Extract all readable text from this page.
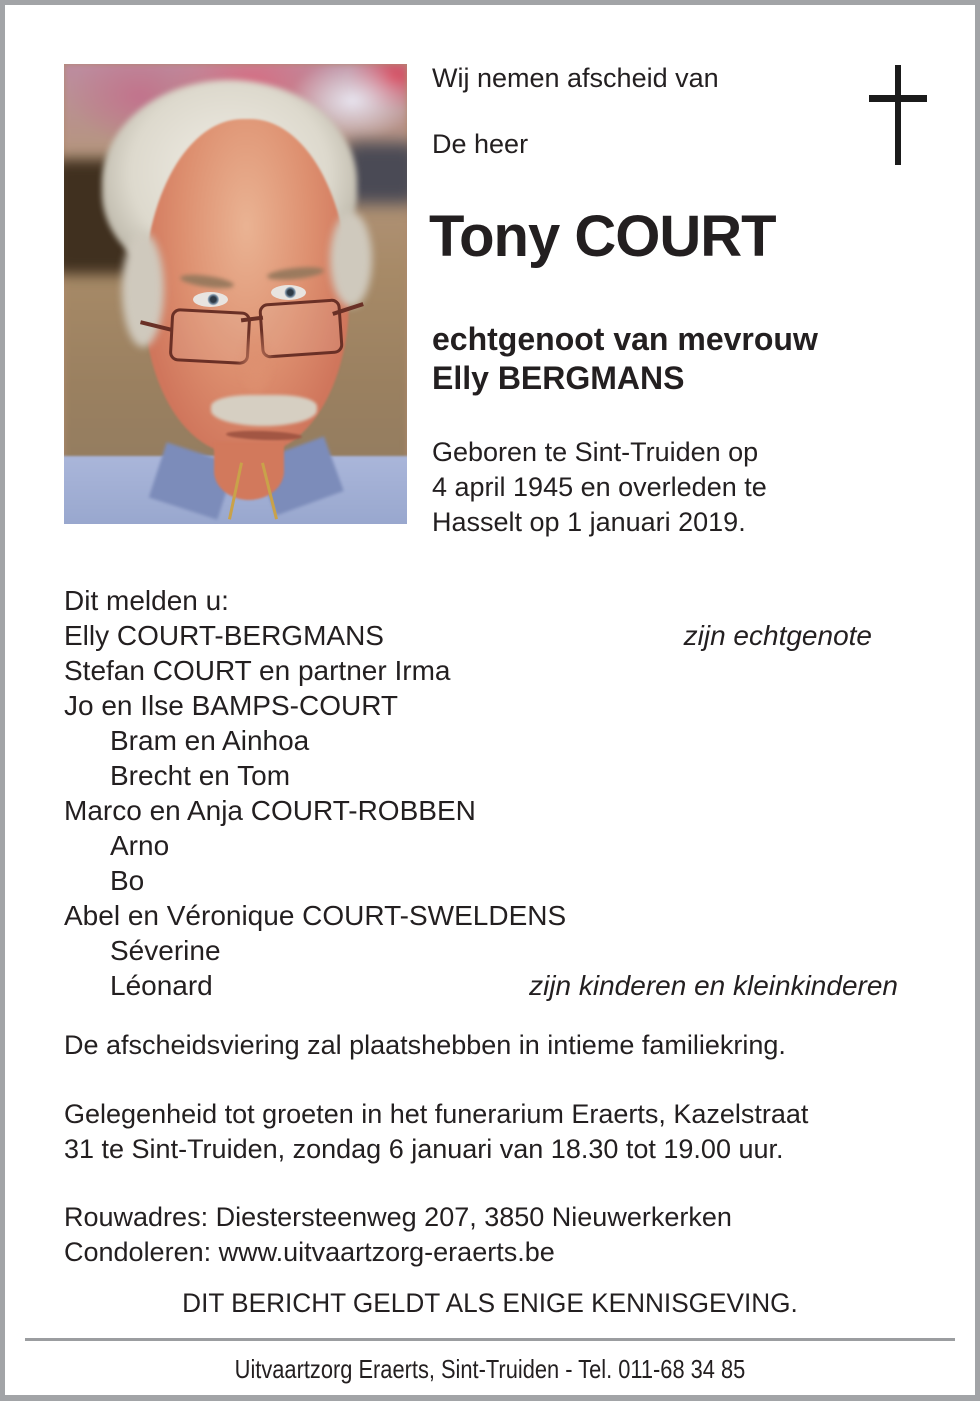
Wij nemen afscheid van
De heer
Tony COURT
echtgenoot van mevrouw
Elly BERGMANS
Geboren te Sint-Truiden op
4 april 1945 en overleden te
Hasselt op 1 januari 2019.
Dit melden u:
Elly COURT-BERGMANS	zijn echtgenote
Stefan COURT en partner Irma
Jo en Ilse BAMPS-COURT
Bram en Ainhoa
Brecht en Tom
Marco en Anja COURT-ROBBEN
Arno
Bo
Abel en Véronique COURT-SWELDENS
Séverine
Léonard	zijn kinderen en kleinkinderen
De afscheidsviering zal plaatshebben in intieme familiekring.
Gelegenheid tot groeten in het funerarium Eraerts, Kazelstraat
31 te Sint-Truiden, zondag 6 januari van 18.30 tot 19.00 uur.
Rouwadres: Diestersteenweg 207, 3850 Nieuwerkerken
Condoleren: www.uitvaartzorg-eraerts.be
DIT BERICHT GELDT ALS ENIGE KENNISGEVING.
Uitvaartzorg Eraerts, Sint-Truiden - Tel. 011-68 34 85
